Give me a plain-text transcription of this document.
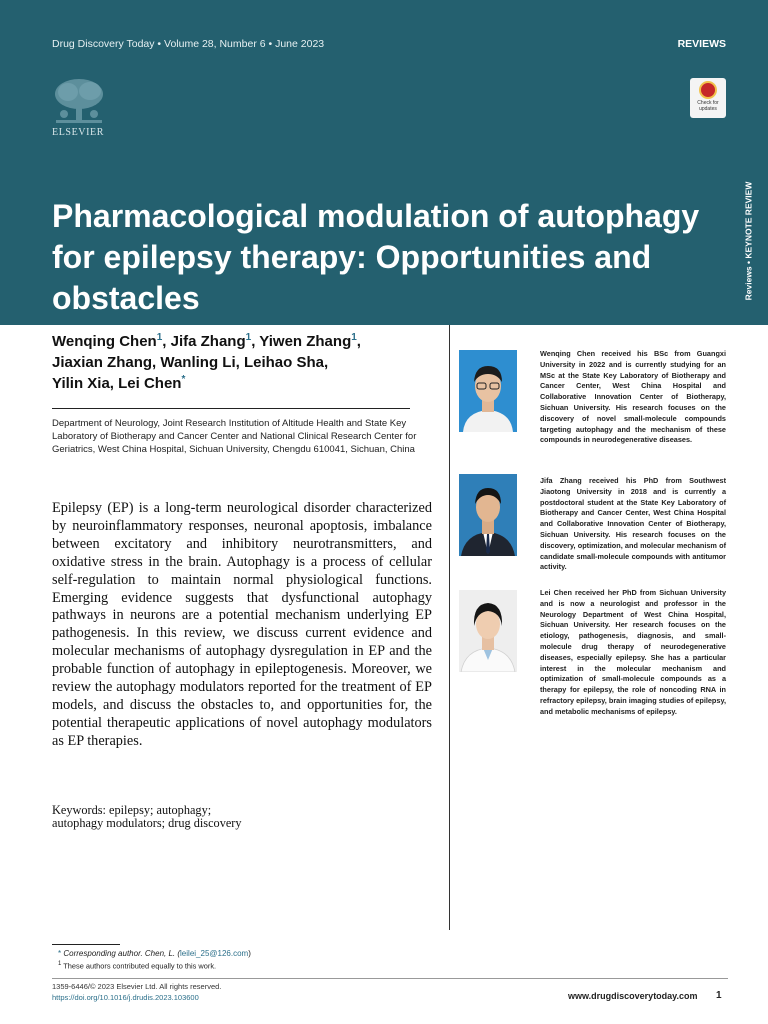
Drug Discovery Today • Volume 28, Number 6 • June 2023	REVIEWS
ELSEVIER
Check for updates
Reviews • KEYNOTE REVIEW
Pharmacological modulation of autophagy for epilepsy therapy: Opportunities and obstacles
Wenqing Chen$^1$, Jifa Zhang$^1$, Yiwen Zhang$^1$,
Jiaxian Zhang, Wanling Li, Leihao Sha,
Yilin Xia, Lei Chen*
Department of Neurology, Joint Research Institution of Altitude Health and State Key Laboratory of Biotherapy and Cancer Center and National Clinical Research Center for Geriatrics, West China Hospital, Sichuan University, Chengdu 610041, Sichuan, China
Epilepsy (EP) is a long-term neurological disorder characterized by neuroinflammatory responses, neuronal apoptosis, imbalance between excitatory and inhibitory neurotransmitters, and oxidative stress in the brain. Autophagy is a process of cellular self-regulation to maintain normal physiological functions. Emerging evidence suggests that dysfunctional autophagy pathways in neurons are a potential mechanism underlying EP pathogenesis. In this review, we discuss current evidence and molecular mechanisms of autophagy dysregulation in EP and the probable function of autophagy in epileptogenesis. Moreover, we review the autophagy modulators reported for the treatment of EP models, and discuss the obstacles to, and opportunities for, the potential therapeutic applications of novel autophagy modulators as EP therapies.
Keywords: epilepsy; autophagy;
autophagy modulators; drug discovery
Wenqing Chen received his BSc from Guangxi University in 2022 and is currently studying for an MSc at the State Key Laboratory of Biotherapy and Cancer Center, West China Hospital and Collaborative Innovation Center of Biotherapy, Sichuan University. His research focuses on the discovery of novel small-molecule compounds targeting autophagy and the mechanism of these compounds in neurodegenerative diseases.
Jifa Zhang received his PhD from Southwest Jiaotong University in 2018 and is currently a postdoctoral student at the State Key Laboratory of Biotherapy and Cancer Center, West China Hospital and Collaborative Innovation Center of Biotherapy, Sichuan University. His research focuses on the discovery, optimization, and molecular mechanism of candidate small-molecule compounds with antitumor activity.
Lei Chen received her PhD from Sichuan University and is now a neurologist and professor in the Neurology Department of West China Hospital, Sichuan University. Her research focuses on the etiology, pathogenesis, diagnosis, and small-molecule drug therapy of neurodegenerative diseases, especially epilepsy. She has a particular interest in the molecular mechanism and optimization of small-molecule compounds as a therapy for epilepsy, the role of noncoding RNA in refractory epilepsy, brain imaging studies of epilepsy, and metabolic mechanisms of epilepsy.
* Corresponding author. Chen, L. (leilei_25@126.com)
$^1$ These authors contributed equally to this work.
1359-6446/© 2023 Elsevier Ltd. All rights reserved.
https://doi.org/10.1016/j.drudis.2023.103600	www.drugdiscoverytoday.com 1
